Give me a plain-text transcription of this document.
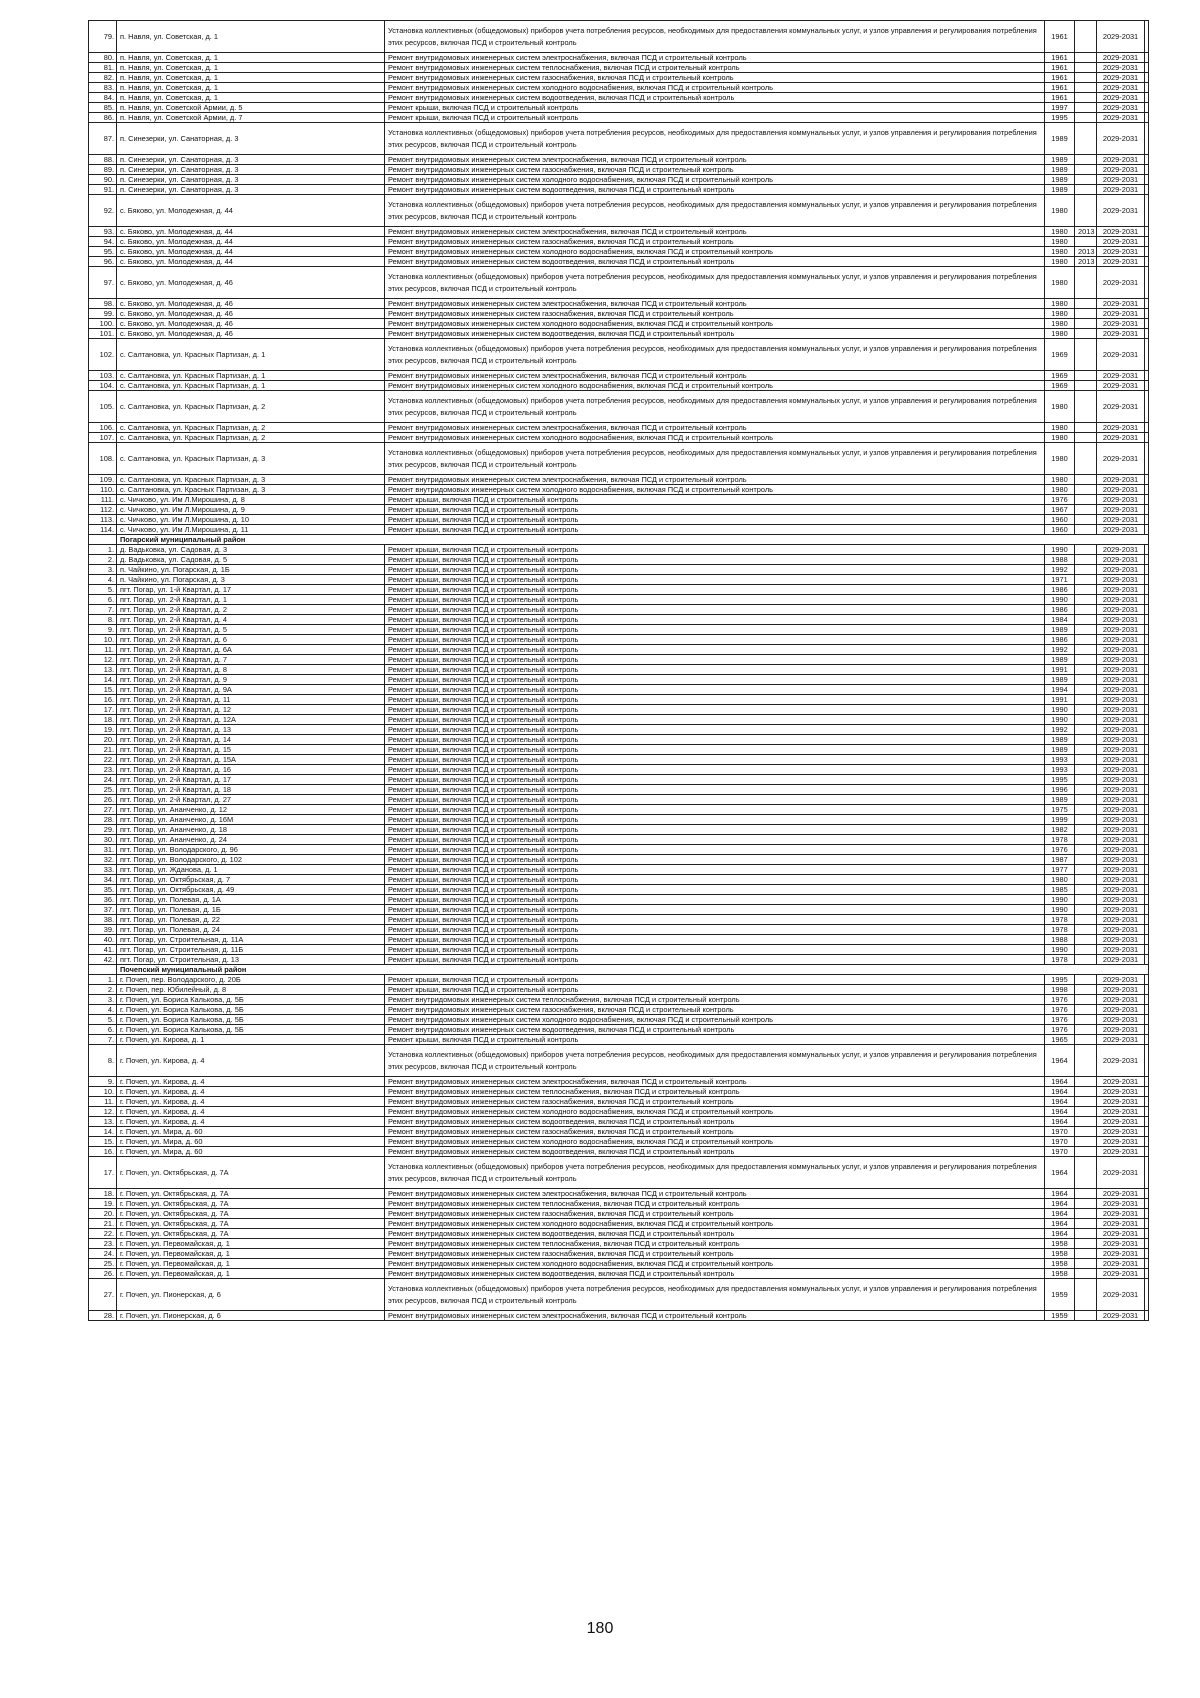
79.	п. Навля, ул. Советская, д. 1	Установка коллективных (общедомовых) приборов учета потребления ресурсов, необходимых для предоставления коммунальных услуг, и узлов управления и регулирования потребления этих ресурсов, включая ПСД и строительный контроль	1961		2029-2031	
80.	п. Навля, ул. Советская, д. 1	Ремонт внутридомовых инженерных систем электроснабжения, включая ПСД и строительный контроль	1961		2029-2031	
81.	п. Навля, ул. Советская, д. 1	Ремонт внутридомовых инженерных систем теплоснабжения, включая ПСД и строительный контроль	1961		2029-2031	
82.	п. Навля, ул. Советская, д. 1	Ремонт внутридомовых инженерных систем газоснабжения, включая ПСД и строительный контроль	1961		2029-2031	
83.	п. Навля, ул. Советская, д. 1	Ремонт внутридомовых инженерных систем холодного водоснабжения, включая ПСД и строительный контроль	1961		2029-2031	
84.	п. Навля, ул. Советская, д. 1	Ремонт внутридомовых инженерных систем водоотведения, включая ПСД и строительный контроль	1961		2029-2031	
85.	п. Навля, ул. Советской Армии, д. 5	Ремонт крыши, включая ПСД и строительный контроль	1997		2029-2031	
86.	п. Навля, ул. Советской Армии, д. 7	Ремонт крыши, включая ПСД и строительный контроль	1995		2029-2031	
87.	п. Синезерки, ул. Санаторная, д. 3	Установка коллективных (общедомовых) приборов учета потребления ресурсов, необходимых для предоставления коммунальных услуг, и узлов управления и регулирования потребления этих ресурсов, включая ПСД и строительный контроль	1989		2029-2031	
88.	п. Синезерки, ул. Санаторная, д. 3	Ремонт внутридомовых инженерных систем электроснабжения, включая ПСД и строительный контроль	1989		2029-2031	
89.	п. Синезерки, ул. Санаторная, д. 3	Ремонт внутридомовых инженерных систем газоснабжения, включая ПСД и строительный контроль	1989		2029-2031	
90.	п. Синезерки, ул. Санаторная, д. 3	Ремонт внутридомовых инженерных систем холодного водоснабжения, включая ПСД и строительный контроль	1989		2029-2031	
91.	п. Синезерки, ул. Санаторная, д. 3	Ремонт внутридомовых инженерных систем водоотведения, включая ПСД и строительный контроль	1989		2029-2031	
92.	с. Бяково, ул. Молодежная, д. 44	Установка коллективных (общедомовых) приборов учета потребления ресурсов, необходимых для предоставления коммунальных услуг, и узлов управления и регулирования потребления этих ресурсов, включая ПСД и строительный контроль	1980		2029-2031	
93.	с. Бяково, ул. Молодежная, д. 44	Ремонт внутридомовых инженерных систем электроснабжения, включая ПСД и строительный контроль	1980	2013	2029-2031	
94.	с. Бяково, ул. Молодежная, д. 44	Ремонт внутридомовых инженерных систем газоснабжения, включая ПСД и строительный контроль	1980		2029-2031	
95.	с. Бяково, ул. Молодежная, д. 44	Ремонт внутридомовых инженерных систем холодного водоснабжения, включая ПСД и строительный контроль	1980	2013	2029-2031	
96.	с. Бяково, ул. Молодежная, д. 44	Ремонт внутридомовых инженерных систем водоотведения, включая ПСД и строительный контроль	1980	2013	2029-2031	
97.	с. Бяково, ул. Молодежная, д. 46	Установка коллективных (общедомовых) приборов учета потребления ресурсов, необходимых для предоставления коммунальных услуг, и узлов управления и регулирования потребления этих ресурсов, включая ПСД и строительный контроль	1980		2029-2031	
98.	с. Бяково, ул. Молодежная, д. 46	Ремонт внутридомовых инженерных систем электроснабжения, включая ПСД и строительный контроль	1980		2029-2031	
99.	с. Бяково, ул. Молодежная, д. 46	Ремонт внутридомовых инженерных систем газоснабжения, включая ПСД и строительный контроль	1980		2029-2031	
100.	с. Бяково, ул. Молодежная, д. 46	Ремонт внутридомовых инженерных систем холодного водоснабжения, включая ПСД и строительный контроль	1980		2029-2031	
101.	с. Бяково, ул. Молодежная, д. 46	Ремонт внутридомовых инженерных систем водоотведения, включая ПСД и строительный контроль	1980		2029-2031	
102.	с. Салтановка, ул. Красных Партизан, д. 1	Установка коллективных (общедомовых) приборов учета потребления ресурсов, необходимых для предоставления коммунальных услуг, и узлов управления и регулирования потребления этих ресурсов, включая ПСД и строительный контроль	1969		2029-2031	
103.	с. Салтановка, ул. Красных Партизан, д. 1	Ремонт внутридомовых инженерных систем электроснабжения, включая ПСД и строительный контроль	1969		2029-2031	
104.	с. Салтановка, ул. Красных Партизан, д. 1	Ремонт внутридомовых инженерных систем холодного водоснабжения, включая ПСД и строительный контроль	1969		2029-2031	
105.	с. Салтановка, ул. Красных Партизан, д. 2	Установка коллективных (общедомовых) приборов учета потребления ресурсов, необходимых для предоставления коммунальных услуг, и узлов управления и регулирования потребления этих ресурсов, включая ПСД и строительный контроль	1980		2029-2031	
106.	с. Салтановка, ул. Красных Партизан, д. 2	Ремонт внутридомовых инженерных систем электроснабжения, включая ПСД и строительный контроль	1980		2029-2031	
107.	с. Салтановка, ул. Красных Партизан, д. 2	Ремонт внутридомовых инженерных систем холодного водоснабжения, включая ПСД и строительный контроль	1980		2029-2031	
108.	с. Салтановка, ул. Красных Партизан, д. 3	Установка коллективных (общедомовых) приборов учета потребления ресурсов, необходимых для предоставления коммунальных услуг, и узлов управления и регулирования потребления этих ресурсов, включая ПСД и строительный контроль	1980		2029-2031	
109.	с. Салтановка, ул. Красных Партизан, д. 3	Ремонт внутридомовых инженерных систем электроснабжения, включая ПСД и строительный контроль	1980		2029-2031	
110.	с. Салтановка, ул. Красных Партизан, д. 3	Ремонт внутридомовых инженерных систем холодного водоснабжения, включая ПСД и строительный контроль	1980		2029-2031	
111.	с. Чичково, ул. Им Л.Мирошина, д. 8	Ремонт крыши, включая ПСД и строительный контроль	1976		2029-2031	
112.	с. Чичково, ул. Им Л.Мирошина, д. 9	Ремонт крыши, включая ПСД и строительный контроль	1967		2029-2031	
113.	с. Чичково, ул. Им Л.Мирошина, д. 10	Ремонт крыши, включая ПСД и строительный контроль	1960		2029-2031	
114.	с. Чичково, ул. Им Л.Мирошина, д. 11	Ремонт крыши, включая ПСД и строительный контроль	1960		2029-2031	
	Погарский муниципальный район					
1.	д. Вадьковка, ул. Садовая, д. 3	Ремонт крыши, включая ПСД и строительный контроль	1990		2029-2031	
2.	д. Вадьковка, ул. Садовая, д. 5	Ремонт крыши, включая ПСД и строительный контроль	1988		2029-2031	
3.	п. Чайкино, ул. Погарская, д. 1Б	Ремонт крыши, включая ПСД и строительный контроль	1992		2029-2031	
4.	п. Чайкино, ул. Погарская, д. 3	Ремонт крыши, включая ПСД и строительный контроль	1971		2029-2031	
5.	пгт. Погар, ул. 1-й Квартал, д. 17	Ремонт крыши, включая ПСД и строительный контроль	1986		2029-2031	
6.	пгт. Погар, ул. 2-й Квартал, д. 1	Ремонт крыши, включая ПСД и строительный контроль	1990		2029-2031	
7.	пгт. Погар, ул. 2-й Квартал, д. 2	Ремонт крыши, включая ПСД и строительный контроль	1986		2029-2031	
8.	пгт. Погар, ул. 2-й Квартал, д. 4	Ремонт крыши, включая ПСД и строительный контроль	1984		2029-2031	
9.	пгт. Погар, ул. 2-й Квартал, д. 5	Ремонт крыши, включая ПСД и строительный контроль	1989		2029-2031	
10.	пгт. Погар, ул. 2-й Квартал, д. 6	Ремонт крыши, включая ПСД и строительный контроль	1986		2029-2031	
11.	пгт. Погар, ул. 2-й Квартал, д. 6А	Ремонт крыши, включая ПСД и строительный контроль	1992		2029-2031	
12.	пгт. Погар, ул. 2-й Квартал, д. 7	Ремонт крыши, включая ПСД и строительный контроль	1989		2029-2031	
13.	пгт. Погар, ул. 2-й Квартал, д. 8	Ремонт крыши, включая ПСД и строительный контроль	1991		2029-2031	
14.	пгт. Погар, ул. 2-й Квартал, д. 9	Ремонт крыши, включая ПСД и строительный контроль	1989		2029-2031	
15.	пгт. Погар, ул. 2-й Квартал, д. 9А	Ремонт крыши, включая ПСД и строительный контроль	1994		2029-2031	
16.	пгт. Погар, ул. 2-й Квартал, д. 11	Ремонт крыши, включая ПСД и строительный контроль	1991		2029-2031	
17.	пгт. Погар, ул. 2-й Квартал, д. 12	Ремонт крыши, включая ПСД и строительный контроль	1990		2029-2031	
18.	пгт. Погар, ул. 2-й Квартал, д. 12А	Ремонт крыши, включая ПСД и строительный контроль	1990		2029-2031	
19.	пгт. Погар, ул. 2-й Квартал, д. 13	Ремонт крыши, включая ПСД и строительный контроль	1992		2029-2031	
20.	пгт. Погар, ул. 2-й Квартал, д. 14	Ремонт крыши, включая ПСД и строительный контроль	1989		2029-2031	
21.	пгт. Погар, ул. 2-й Квартал, д. 15	Ремонт крыши, включая ПСД и строительный контроль	1989		2029-2031	
22.	пгт. Погар, ул. 2-й Квартал, д. 15А	Ремонт крыши, включая ПСД и строительный контроль	1993		2029-2031	
23.	пгт. Погар, ул. 2-й Квартал, д. 16	Ремонт крыши, включая ПСД и строительный контроль	1993		2029-2031	
24.	пгт. Погар, ул. 2-й Квартал, д. 17	Ремонт крыши, включая ПСД и строительный контроль	1995		2029-2031	
25.	пгт. Погар, ул. 2-й Квартал, д. 18	Ремонт крыши, включая ПСД и строительный контроль	1996		2029-2031	
26.	пгт. Погар, ул. 2-й Квартал, д. 27	Ремонт крыши, включая ПСД и строительный контроль	1989		2029-2031	
27.	пгт. Погар, ул. Ананченко, д. 12	Ремонт крыши, включая ПСД и строительный контроль	1975		2029-2031	
28.	пгт. Погар, ул. Ананченко, д. 16М	Ремонт крыши, включая ПСД и строительный контроль	1999		2029-2031	
29.	пгт. Погар, ул. Ананченко, д. 18	Ремонт крыши, включая ПСД и строительный контроль	1982		2029-2031	
30.	пгт. Погар, ул. Ананченко, д. 24	Ремонт крыши, включая ПСД и строительный контроль	1978		2029-2031	
31.	пгт. Погар, ул. Володарского, д. 96	Ремонт крыши, включая ПСД и строительный контроль	1976		2029-2031	
32.	пгт. Погар, ул. Володарского, д. 102	Ремонт крыши, включая ПСД и строительный контроль	1987		2029-2031	
33.	пгт. Погар, ул. Жданова, д. 1	Ремонт крыши, включая ПСД и строительный контроль	1977		2029-2031	
34.	пгт. Погар, ул. Октябрьская, д. 7	Ремонт крыши, включая ПСД и строительный контроль	1980		2029-2031	
35.	пгт. Погар, ул. Октябрьская, д. 49	Ремонт крыши, включая ПСД и строительный контроль	1985		2029-2031	
36.	пгт. Погар, ул. Полевая, д. 1А	Ремонт крыши, включая ПСД и строительный контроль	1990		2029-2031	
37.	пгт. Погар, ул. Полевая, д. 1Б	Ремонт крыши, включая ПСД и строительный контроль	1990		2029-2031	
38.	пгт. Погар, ул. Полевая, д. 22	Ремонт крыши, включая ПСД и строительный контроль	1978		2029-2031	
39.	пгт. Погар, ул. Полевая, д. 24	Ремонт крыши, включая ПСД и строительный контроль	1978		2029-2031	
40.	пгт. Погар, ул. Строительная, д. 11А	Ремонт крыши, включая ПСД и строительный контроль	1988		2029-2031	
41.	пгт. Погар, ул. Строительная, д. 11Б	Ремонт крыши, включая ПСД и строительный контроль	1990		2029-2031	
42.	пгт. Погар, ул. Строительная, д. 13	Ремонт крыши, включая ПСД и строительный контроль	1978		2029-2031	
	Почепский муниципальный район					
1.	г. Почеп, пер. Володарского, д. 20Б	Ремонт крыши, включая ПСД и строительный контроль	1995		2029-2031	
2.	г. Почеп, пер. Юбилейный, д. 8	Ремонт крыши, включая ПСД и строительный контроль	1998		2029-2031	
3.	г. Почеп, ул. Бориса Калькова, д. 5Б	Ремонт внутридомовых инженерных систем теплоснабжения, включая ПСД и строительный контроль	1976		2029-2031	
4.	г. Почеп, ул. Бориса Калькова, д. 5Б	Ремонт внутридомовых инженерных систем газоснабжения, включая ПСД и строительный контроль	1976		2029-2031	
5.	г. Почеп, ул. Бориса Калькова, д. 5Б	Ремонт внутридомовых инженерных систем холодного водоснабжения, включая ПСД и строительный контроль	1976		2029-2031	
6.	г. Почеп, ул. Бориса Калькова, д. 5Б	Ремонт внутридомовых инженерных систем водоотведения, включая ПСД и строительный контроль	1976		2029-2031	
7.	г. Почеп, ул. Кирова, д. 1	Ремонт крыши, включая ПСД и строительный контроль	1965		2029-2031	
8.	г. Почеп, ул. Кирова, д. 4	Установка коллективных (общедомовых) приборов учета потребления ресурсов, необходимых для предоставления коммунальных услуг, и узлов управления и регулирования потребления этих ресурсов, включая ПСД и строительный контроль	1964		2029-2031	
9.	г. Почеп, ул. Кирова, д. 4	Ремонт внутридомовых инженерных систем электроснабжения, включая ПСД и строительный контроль	1964		2029-2031	
10.	г. Почеп, ул. Кирова, д. 4	Ремонт внутридомовых инженерных систем теплоснабжения, включая ПСД и строительный контроль	1964		2029-2031	
11.	г. Почеп, ул. Кирова, д. 4	Ремонт внутридомовых инженерных систем газоснабжения, включая ПСД и строительный контроль	1964		2029-2031	
12.	г. Почеп, ул. Кирова, д. 4	Ремонт внутридомовых инженерных систем холодного водоснабжения, включая ПСД и строительный контроль	1964		2029-2031	
13.	г. Почеп, ул. Кирова, д. 4	Ремонт внутридомовых инженерных систем водоотведения, включая ПСД и строительный контроль	1964		2029-2031	
14.	г. Почеп, ул. Мира, д. 60	Ремонт внутридомовых инженерных систем газоснабжения, включая ПСД и строительный контроль	1970		2029-2031	
15.	г. Почеп, ул. Мира, д. 60	Ремонт внутридомовых инженерных систем холодного водоснабжения, включая ПСД и строительный контроль	1970		2029-2031	
16.	г. Почеп, ул. Мира, д. 60	Ремонт внутридомовых инженерных систем водоотведения, включая ПСД и строительный контроль	1970		2029-2031	
17.	г. Почеп, ул. Октябрьская, д. 7А	Установка коллективных (общедомовых) приборов учета потребления ресурсов, необходимых для предоставления коммунальных услуг, и узлов управления и регулирования потребления этих ресурсов, включая ПСД и строительный контроль	1964		2029-2031	
18.	г. Почеп, ул. Октябрьская, д. 7А	Ремонт внутридомовых инженерных систем электроснабжения, включая ПСД и строительный контроль	1964		2029-2031	
19.	г. Почеп, ул. Октябрьская, д. 7А	Ремонт внутридомовых инженерных систем теплоснабжения, включая ПСД и строительный контроль	1964		2029-2031	
20.	г. Почеп, ул. Октябрьская, д. 7А	Ремонт внутридомовых инженерных систем газоснабжения, включая ПСД и строительный контроль	1964		2029-2031	
21.	г. Почеп, ул. Октябрьская, д. 7А	Ремонт внутридомовых инженерных систем холодного водоснабжения, включая ПСД и строительный контроль	1964		2029-2031	
22.	г. Почеп, ул. Октябрьская, д. 7А	Ремонт внутридомовых инженерных систем водоотведения, включая ПСД и строительный контроль	1964		2029-2031	
23.	г. Почеп, ул. Первомайская, д. 1	Ремонт внутридомовых инженерных систем теплоснабжения, включая ПСД и строительный контроль	1958		2029-2031	
24.	г. Почеп, ул. Первомайская, д. 1	Ремонт внутридомовых инженерных систем газоснабжения, включая ПСД и строительный контроль	1958		2029-2031	
25.	г. Почеп, ул. Первомайская, д. 1	Ремонт внутридомовых инженерных систем холодного водоснабжения, включая ПСД и строительный контроль	1958		2029-2031	
26.	г. Почеп, ул. Первомайская, д. 1	Ремонт внутридомовых инженерных систем водоотведения, включая ПСД и строительный контроль	1958		2029-2031	
27.	г. Почеп, ул. Пионерская, д. 6	Установка коллективных (общедомовых) приборов учета потребления ресурсов, необходимых для предоставления коммунальных услуг, и узлов управления и регулирования потребления этих ресурсов, включая ПСД и строительный контроль	1959		2029-2031	
28.	г. Почеп, ул. Пионерская, д. 6	Ремонт внутридомовых инженерных систем электроснабжения, включая ПСД и строительный контроль	1959		2029-2031	
180
